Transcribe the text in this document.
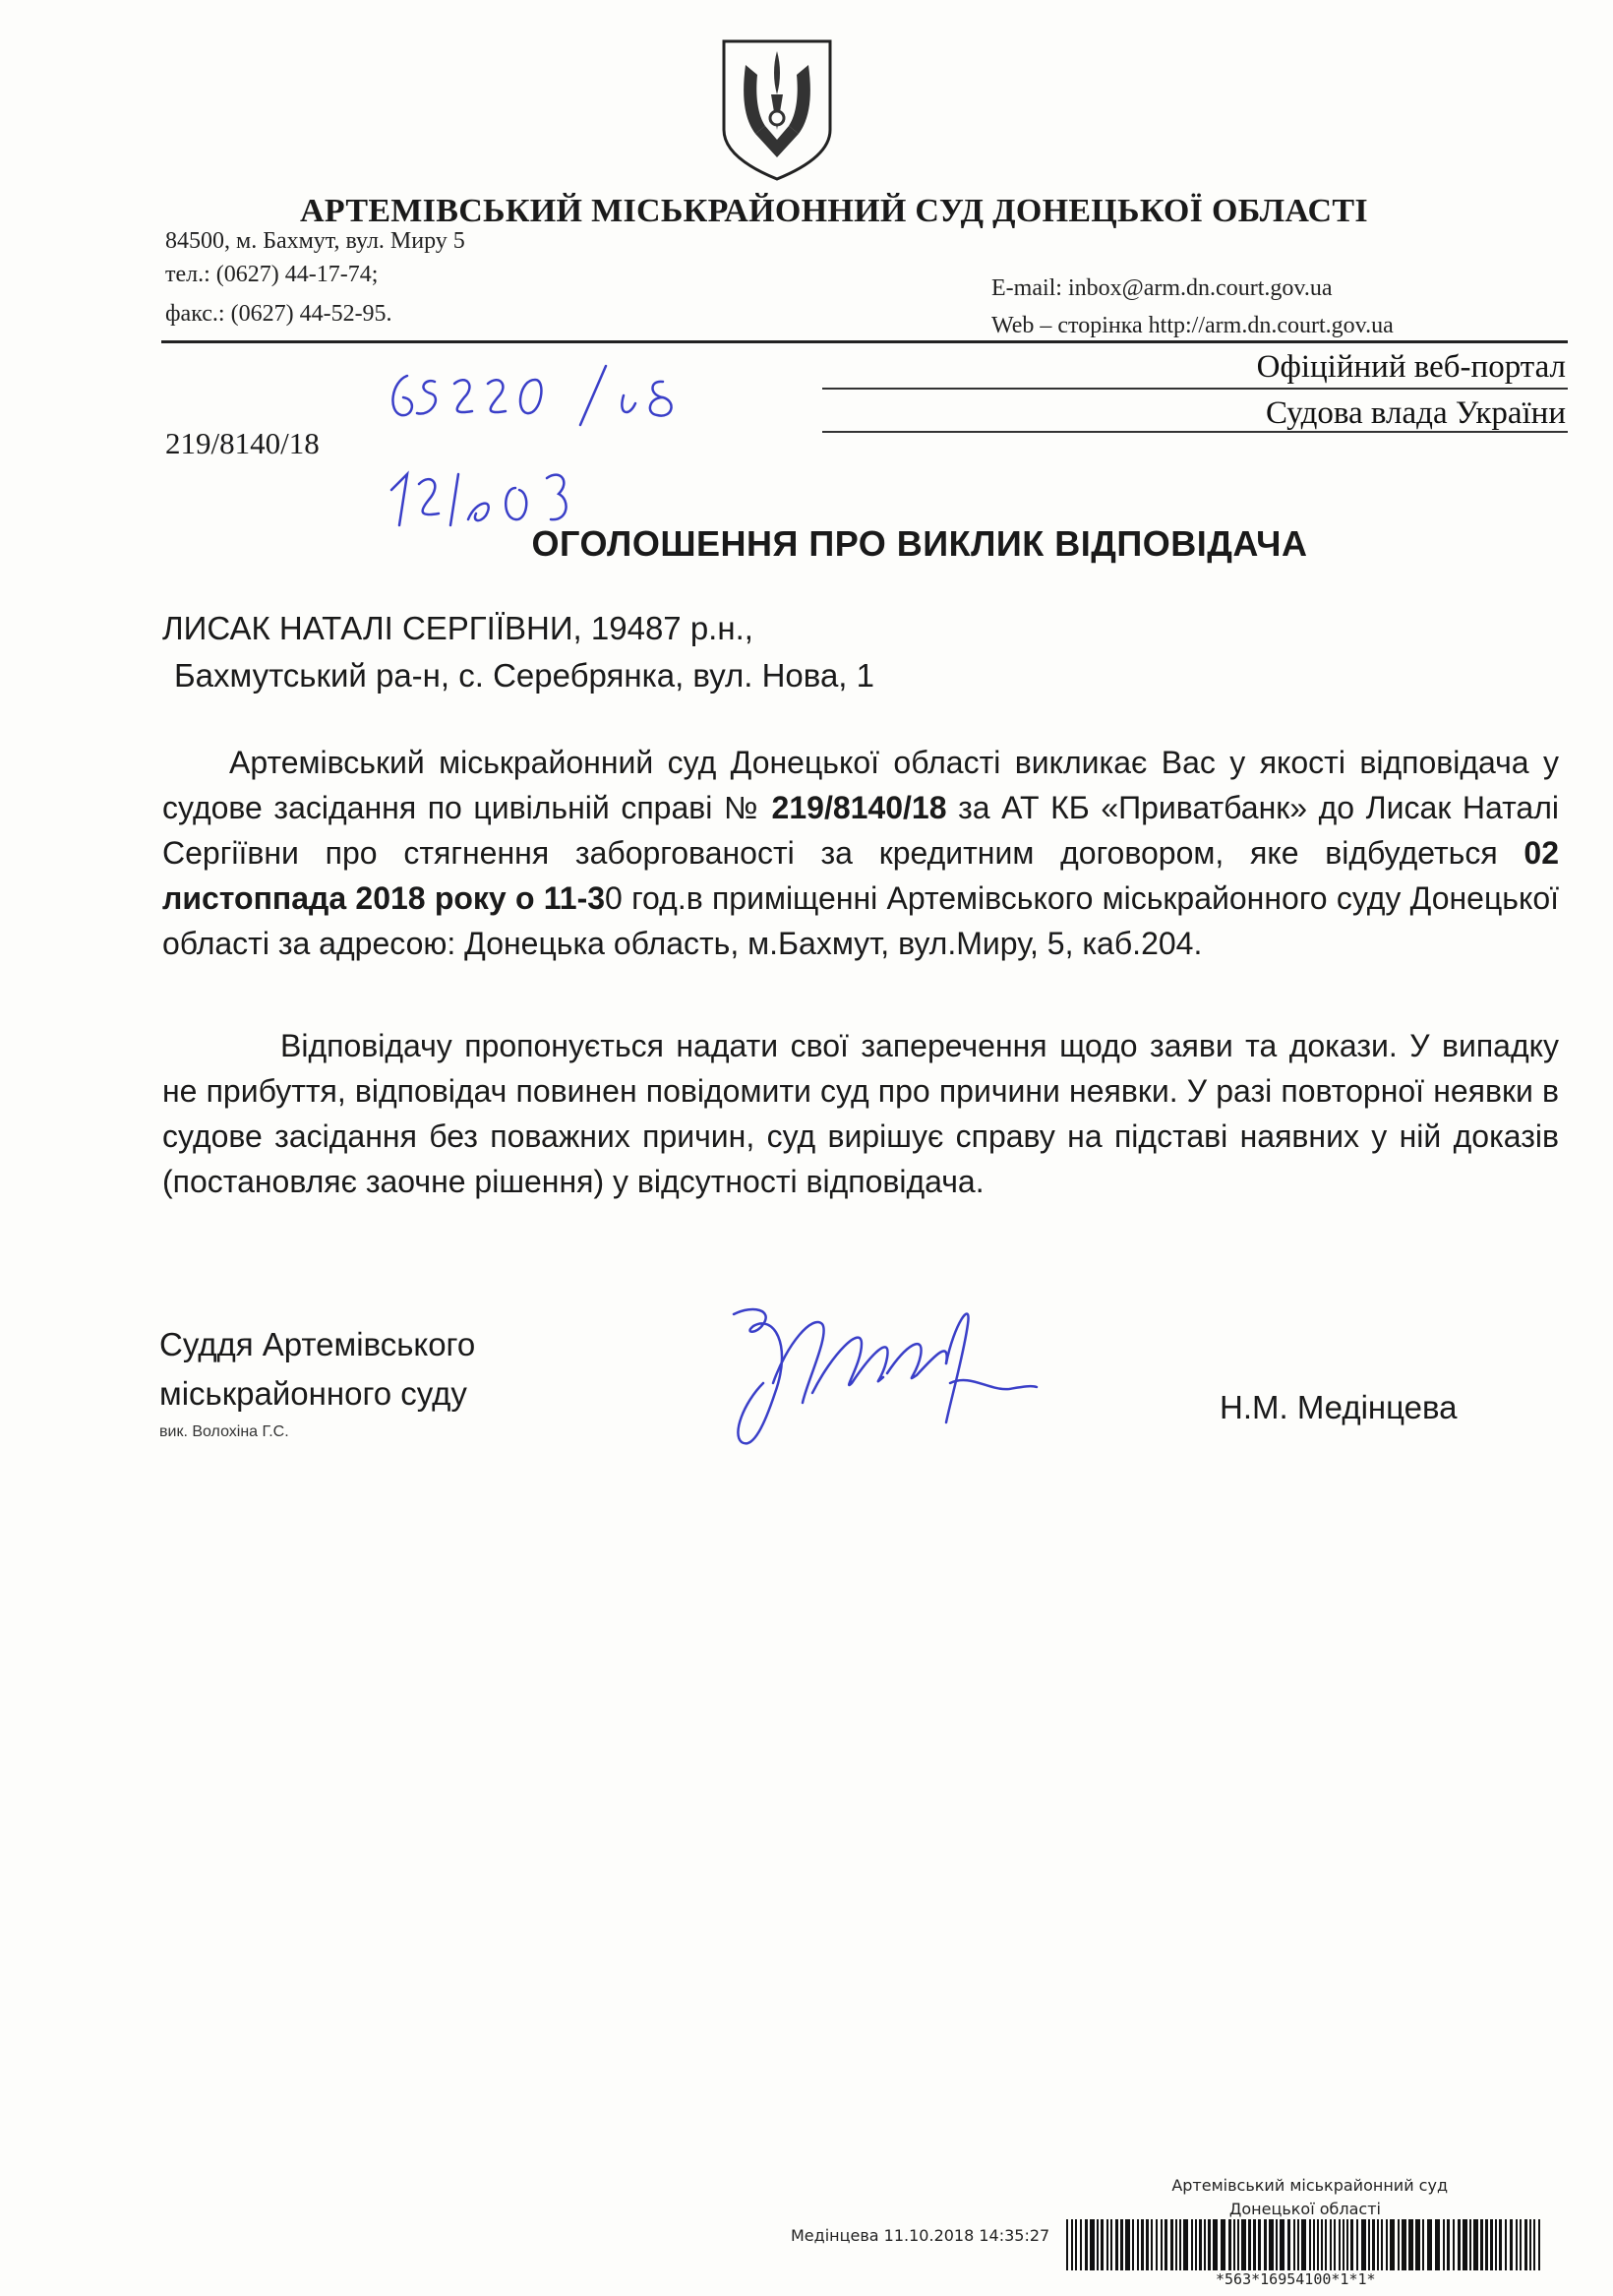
АРТЕМІВСЬКИЙ МІСЬКРАЙОННИЙ СУД ДОНЕЦЬКОЇ ОБЛАСТІ
84500, м. Бахмут, вул. Миру 5
тел.: (0627) 44-17-74;
факс.: (0627) 44-52-95.
E-mail: inbox@arm.dn.court.gov.ua
Web – сторінка http://arm.dn.court.gov.ua
Офіційний веб-портал
Судова влада України
219/8140/18
ОГОЛОШЕННЯ ПРО ВИКЛИК ВІДПОВІДАЧА
ЛИСАК НАТАЛІ СЕРГІЇВНИ, 19487 р.н.,
Бахмутський ра-н, с. Серебрянка, вул. Нова, 1
Артемівський міськрайонний суд Донецької області викликає Вас у якості відповідача у судове засідання по цивільній справі № 219/8140/18 за АТ КБ «Приватбанк» до Лисак Наталі Сергіївни про стягнення заборгованості за кредитним договором, яке відбудеться 02 листоппада 2018 року о 11-30 год.в приміщенні Артемівського міськрайонного суду Донецької області за адресою: Донецька область, м.Бахмут, вул.Миру, 5, каб.204.
Відповідачу пропонується надати свої заперечення щодо заяви та докази. У випадку не прибуття, відповідач повинен повідомити суд про причини неявки. У разі повторної неявки в судове засідання без поважних причин, суд вирішує справу на підставі наявних у ній доказів (постановляє заочне рішення) у відсутності відповідача.
Суддя Артемівського
міськрайонного суду
вик. Волохіна Г.С.
Н.М. Медінцева
Артемівський міськрайонний суд
Донецької області
Медінцева 11.10.2018 14:35:27
*563*16954100*1*1*
